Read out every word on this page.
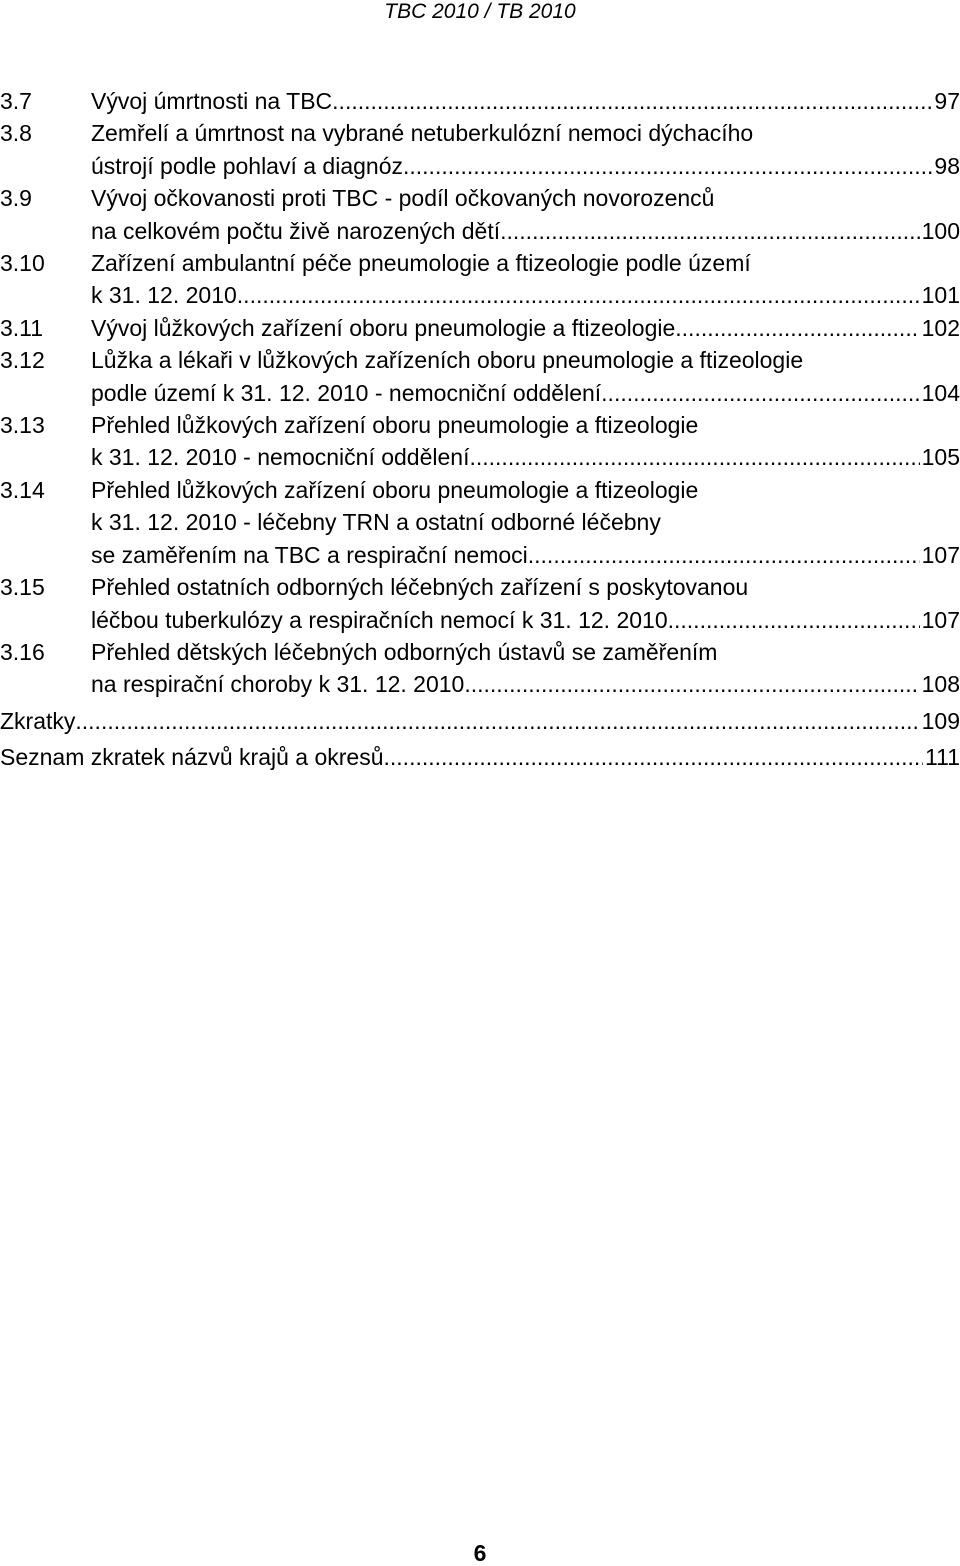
TBC 2010 / TB 2010
3.7	Vývoj úmrtnosti na TBC .....	97
3.8	Zemřelí a úmrtnost na vybrané netuberkulózní nemoci dýchacího
ústrojí podle pohlaví a diagnóz .....	98
3.9	Vývoj očkovanosti proti TBC - podíl očkovaných novorozenců
na celkovém počtu živě narozených dětí .....	100
3.10 Zařízení ambulantní péče pneumologie a ftizeologie podle území
k 31. 12. 2010 .....	101
3.11 Vývoj lůžkových zařízení oboru pneumologie a ftizeologie .....	102
3.12 Lůžka a lékaři v lůžkových zařízeních oboru pneumologie a ftizeologie
podle území k 31. 12. 2010 - nemocniční oddělení .....	104
3.13 Přehled lůžkových zařízení oboru pneumologie a ftizeologie
k 31. 12. 2010 - nemocniční oddělení .....	105
3.14 Přehled lůžkových zařízení oboru pneumologie a ftizeologie
k 31. 12. 2010 - léčebny TRN a ostatní odborné léčebny
se zaměřením na TBC a respirační nemoci .....	107
3.15 Přehled ostatních odborných léčebných zařízení s poskytovanou
léčbou tuberkulózy a respiračních nemocí k 31. 12. 2010 .....	107
3.16 Přehled dětských léčebných odborných ústavů se zaměřením
na respirační choroby k 31. 12. 2010 .....	108
Zkratky .....	109
Seznam zkratek názvů krajů a okresů .....	111
6
